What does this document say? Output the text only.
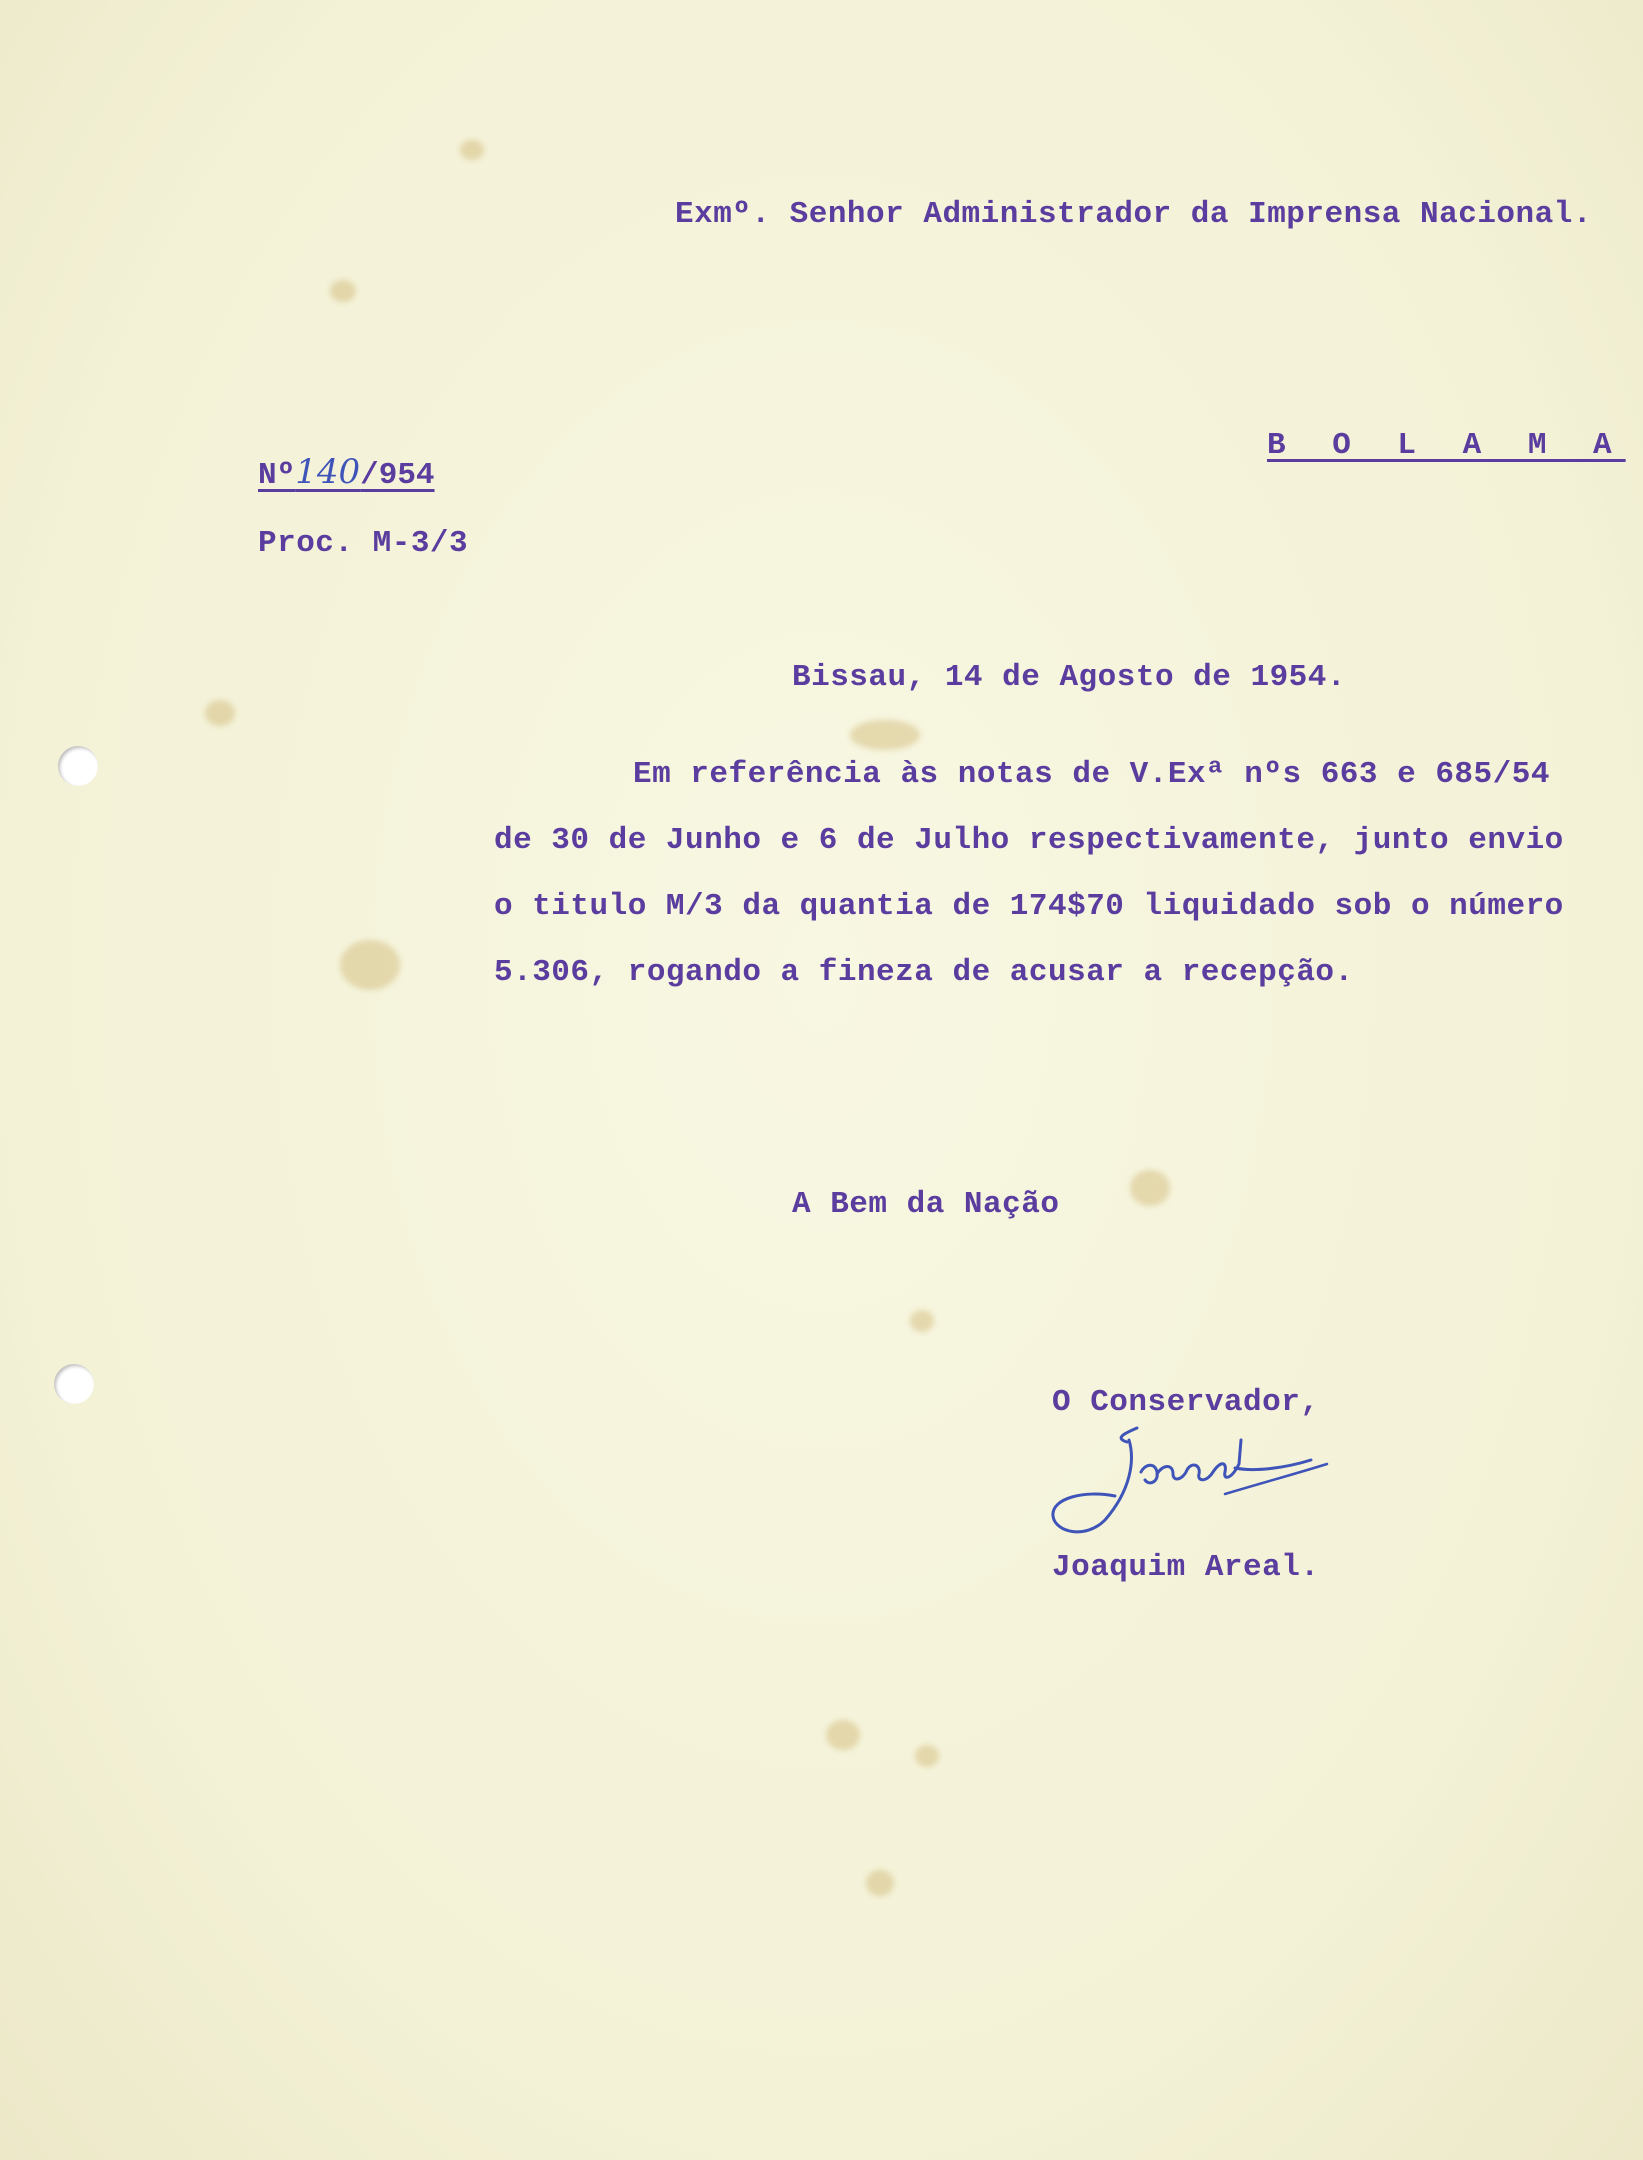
Exmº. Senhor Administrador da Imprensa Nacional.
B O L A M A
Nº140/954
Proc. M-3/3
Bissau, 14 de Agosto de 1954.
Em referência às notas de V.Exª nºs 663 e 685/54
de 30 de Junho e 6 de Julho respectivamente, junto envio
o titulo M/3 da quantia de 174$70 liquidado sob o número
5.306, rogando a fineza de acusar a recepção.
A Bem da Nação
O Conservador,
Joaquim Areal.
